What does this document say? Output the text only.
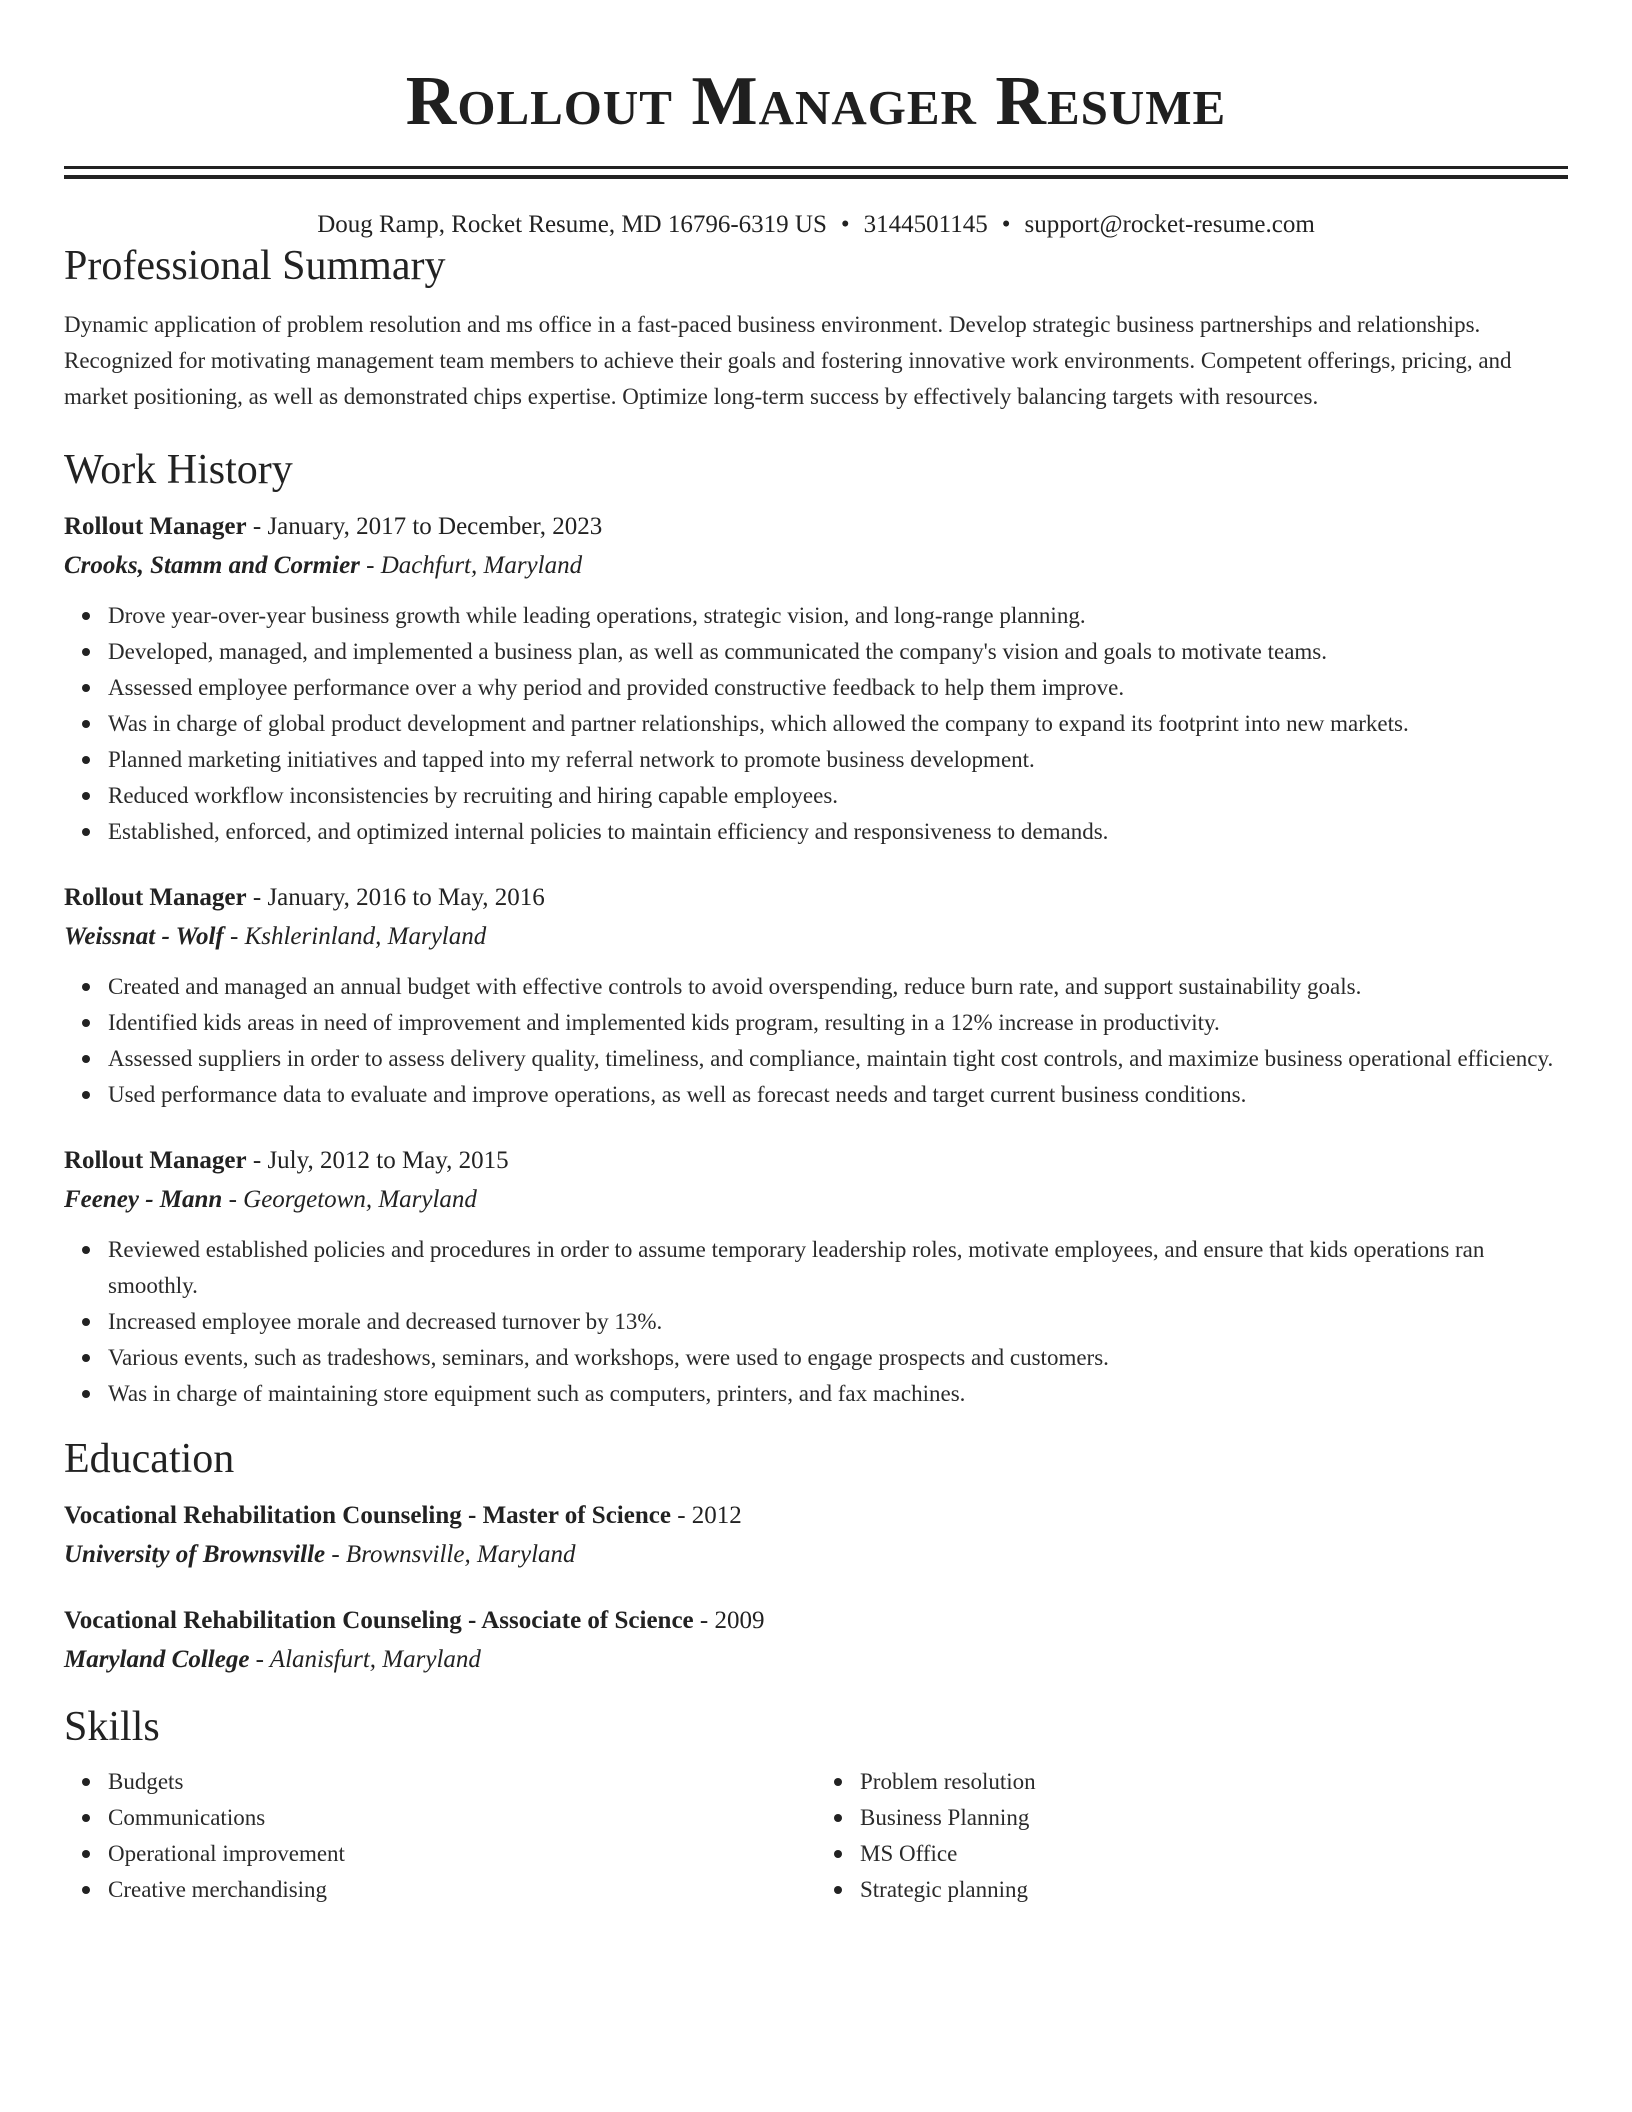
Rollout Manager Resume
Doug Ramp, Rocket Resume, MD 16796-6319 US • 3144501145 • support@rocket-resume.com
Professional Summary
Dynamic application of problem resolution and ms office in a fast-paced business environment. Develop strategic business partnerships and relationships. Recognized for motivating management team members to achieve their goals and fostering innovative work environments. Competent offerings, pricing, and market positioning, as well as demonstrated chips expertise. Optimize long-term success by effectively balancing targets with resources.
Work History
Rollout Manager - January, 2017 to December, 2023
Crooks, Stamm and Cormier - Dachfurt, Maryland
Drove year-over-year business growth while leading operations, strategic vision, and long-range planning.
Developed, managed, and implemented a business plan, as well as communicated the company's vision and goals to motivate teams.
Assessed employee performance over a why period and provided constructive feedback to help them improve.
Was in charge of global product development and partner relationships, which allowed the company to expand its footprint into new markets.
Planned marketing initiatives and tapped into my referral network to promote business development.
Reduced workflow inconsistencies by recruiting and hiring capable employees.
Established, enforced, and optimized internal policies to maintain efficiency and responsiveness to demands.
Rollout Manager - January, 2016 to May, 2016
Weissnat - Wolf - Kshlerinland, Maryland
Created and managed an annual budget with effective controls to avoid overspending, reduce burn rate, and support sustainability goals.
Identified kids areas in need of improvement and implemented kids program, resulting in a 12% increase in productivity.
Assessed suppliers in order to assess delivery quality, timeliness, and compliance, maintain tight cost controls, and maximize business operational efficiency.
Used performance data to evaluate and improve operations, as well as forecast needs and target current business conditions.
Rollout Manager - July, 2012 to May, 2015
Feeney - Mann - Georgetown, Maryland
Reviewed established policies and procedures in order to assume temporary leadership roles, motivate employees, and ensure that kids operations ran smoothly.
Increased employee morale and decreased turnover by 13%.
Various events, such as tradeshows, seminars, and workshops, were used to engage prospects and customers.
Was in charge of maintaining store equipment such as computers, printers, and fax machines.
Education
Vocational Rehabilitation Counseling - Master of Science - 2012
University of Brownsville - Brownsville, Maryland
Vocational Rehabilitation Counseling - Associate of Science - 2009
Maryland College - Alanisfurt, Maryland
Skills
Budgets
Communications
Operational improvement
Creative merchandising
Problem resolution
Business Planning
MS Office
Strategic planning
